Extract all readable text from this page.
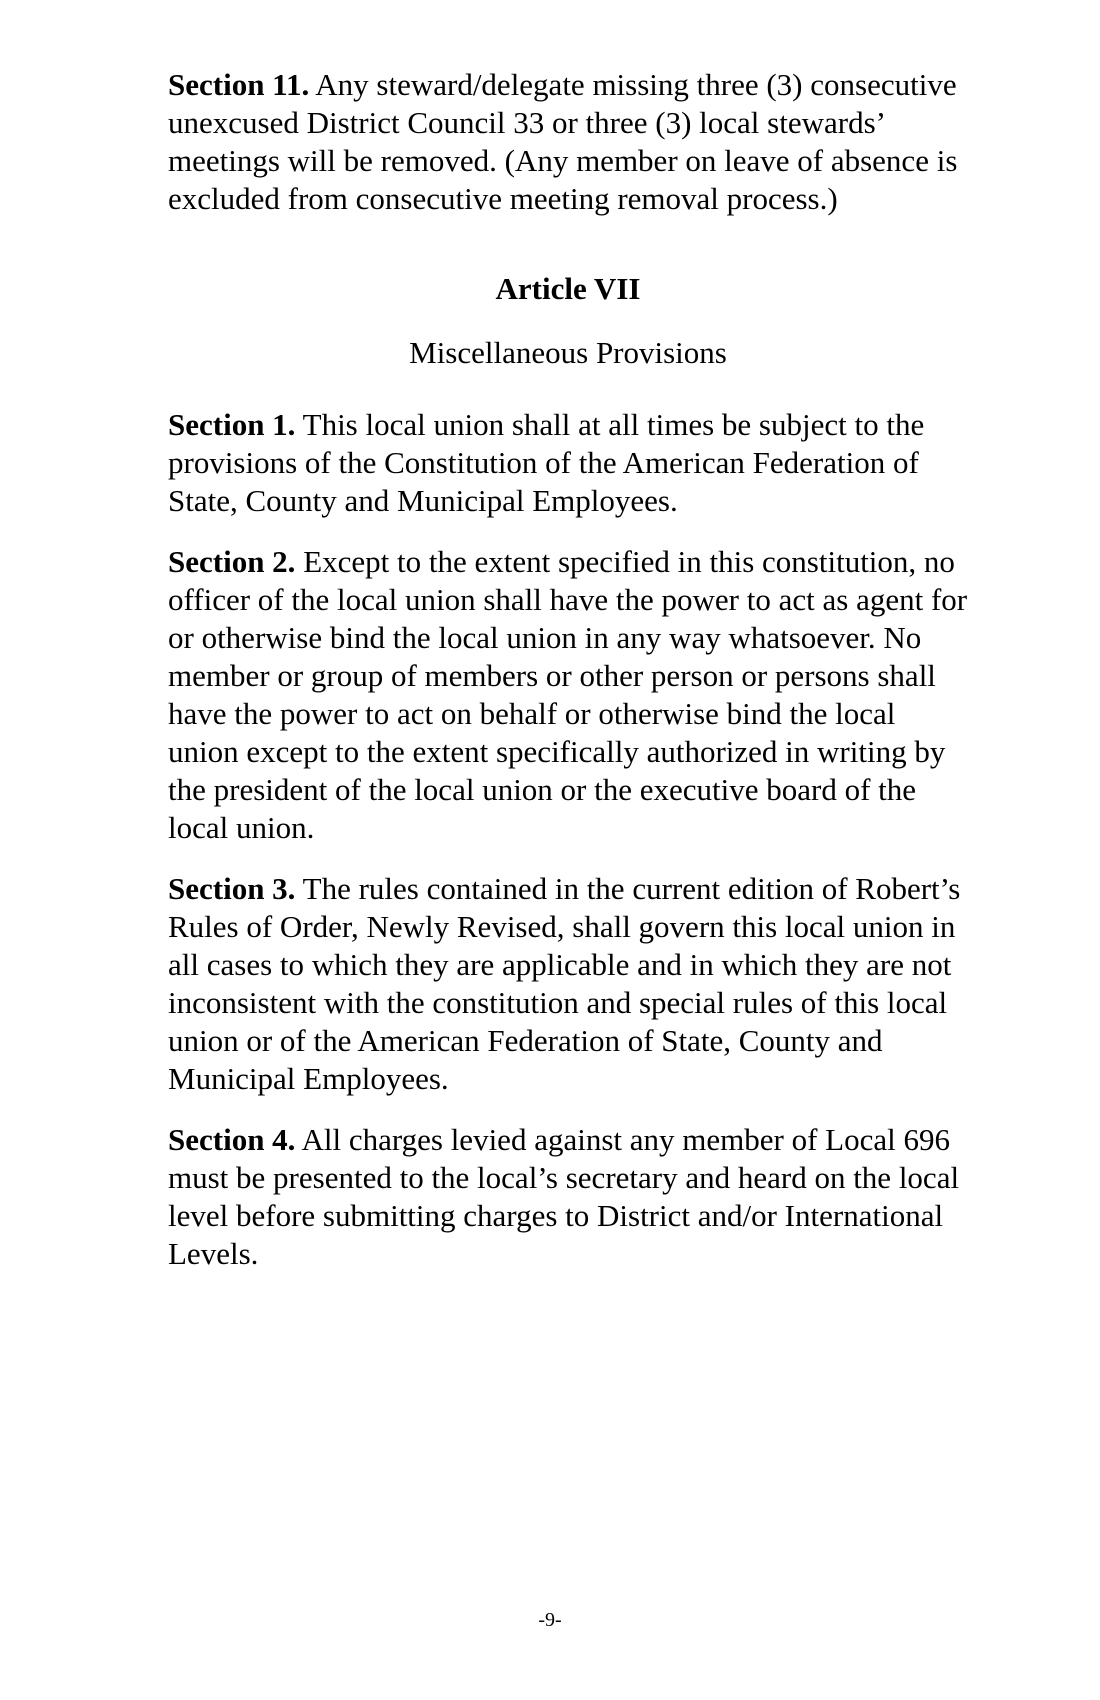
Section 11. Any steward/delegate missing three (3) consecutive unexcused District Council 33 or three (3) local stewards’ meetings will be removed. (Any member on leave of absence is excluded from consecutive meeting removal process.)

Article VII
Miscellaneous Provisions

Section 1. This local union shall at all times be subject to the provisions of the Constitution of the American Federation of State, County and Municipal Employees.

Section 2. Except to the extent specified in this constitution, no officer of the local union shall have the power to act as agent for or otherwise bind the local union in any way whatsoever. No member or group of members or other person or persons shall have the power to act on behalf or otherwise bind the local union except to the extent specifically authorized in writing by the president of the local union or the executive board of the local union.

Section 3. The rules contained in the current edition of Robert’s Rules of Order, Newly Revised, shall govern this local union in all cases to which they are applicable and in which they are not inconsistent with the constitution and special rules of this local union or of the American Federation of State, County and Municipal Employees.

Section 4. All charges levied against any member of Local 696 must be presented to the local’s secretary and heard on the local level before submitting charges to District and/or International Levels.

-9-
